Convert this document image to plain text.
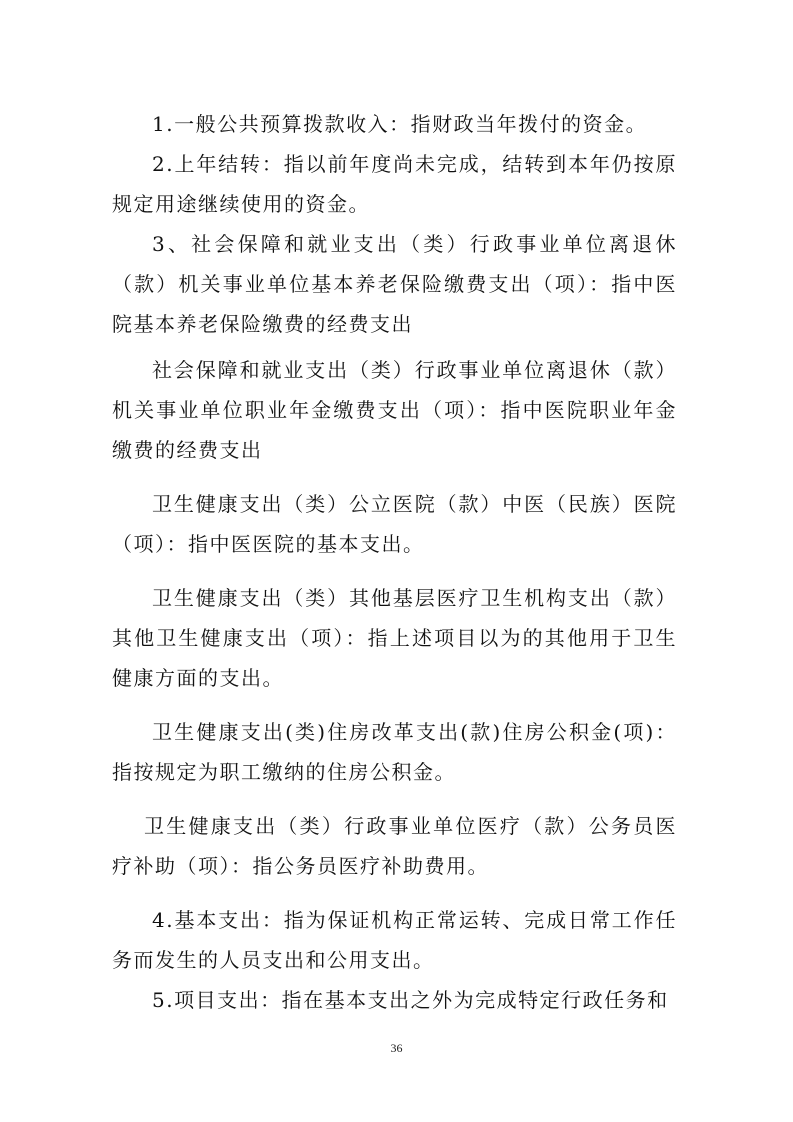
1.一般公共预算拨款收入：指财政当年拨付的资金。

2.上年结转：指以前年度尚未完成，结转到本年仍按原规定用途继续使用的资金。

3、社会保障和就业支出（类）行政事业单位离退休（款）机关事业单位基本养老保险缴费支出（项）：指中医院基本养老保险缴费的经费支出

社会保障和就业支出（类）行政事业单位离退休（款）机关事业单位职业年金缴费支出（项）：指中医院职业年金缴费的经费支出

卫生健康支出（类）公立医院（款）中医（民族）医院（项）：指中医医院的基本支出。

卫生健康支出（类）其他基层医疗卫生机构支出（款）其他卫生健康支出（项）：指上述项目以为的其他用于卫生健康方面的支出。

卫生健康支出(类)住房改革支出(款)住房公积金(项)：指按规定为职工缴纳的住房公积金。

卫生健康支出（类）行政事业单位医疗（款）公务员医疗补助（项）：指公务员医疗补助费用。

4.基本支出：指为保证机构正常运转、完成日常工作任务而发生的人员支出和公用支出。

5.项目支出：指在基本支出之外为完成特定行政任务和

36
